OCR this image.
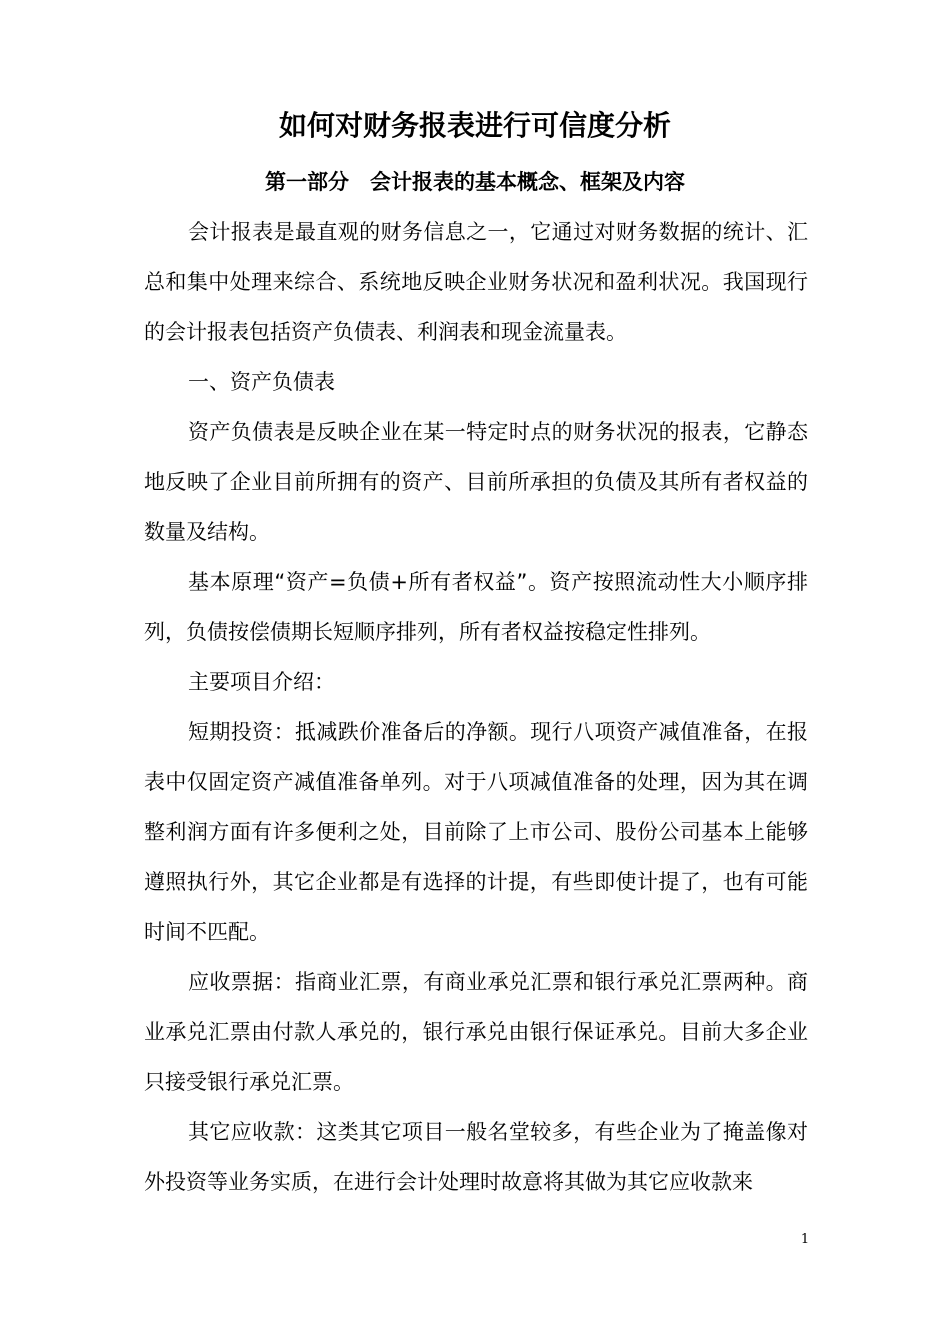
如何对财务报表进行可信度分析
第一部分　会计报表的基本概念、框架及内容

会计报表是最直观的财务信息之一，它通过对财务数据的统计、汇总和集中处理来综合、系统地反映企业财务状况和盈利状况。我国现行的会计报表包括资产负债表、利润表和现金流量表。

一、资产负债表

资产负债表是反映企业在某一特定时点的财务状况的报表，它静态地反映了企业目前所拥有的资产、目前所承担的负债及其所有者权益的数量及结构。

基本原理“资产=负债+所有者权益”。资产按照流动性大小顺序排列，负债按偿债期长短顺序排列，所有者权益按稳定性排列。

主要项目介绍：

短期投资：抵减跌价准备后的净额。现行八项资产减值准备，在报表中仅固定资产减值准备单列。对于八项减值准备的处理，因为其在调整利润方面有许多便利之处，目前除了上市公司、股份公司基本上能够遵照执行外，其它企业都是有选择的计提，有些即使计提了，也有可能时间不匹配。

应收票据：指商业汇票，有商业承兑汇票和银行承兑汇票两种。商业承兑汇票由付款人承兑的，银行承兑由银行保证承兑。目前大多企业只接受银行承兑汇票。

其它应收款：这类其它项目一般名堂较多，有些企业为了掩盖像对外投资等业务实质，在进行会计处理时故意将其做为其它应收款来

1
